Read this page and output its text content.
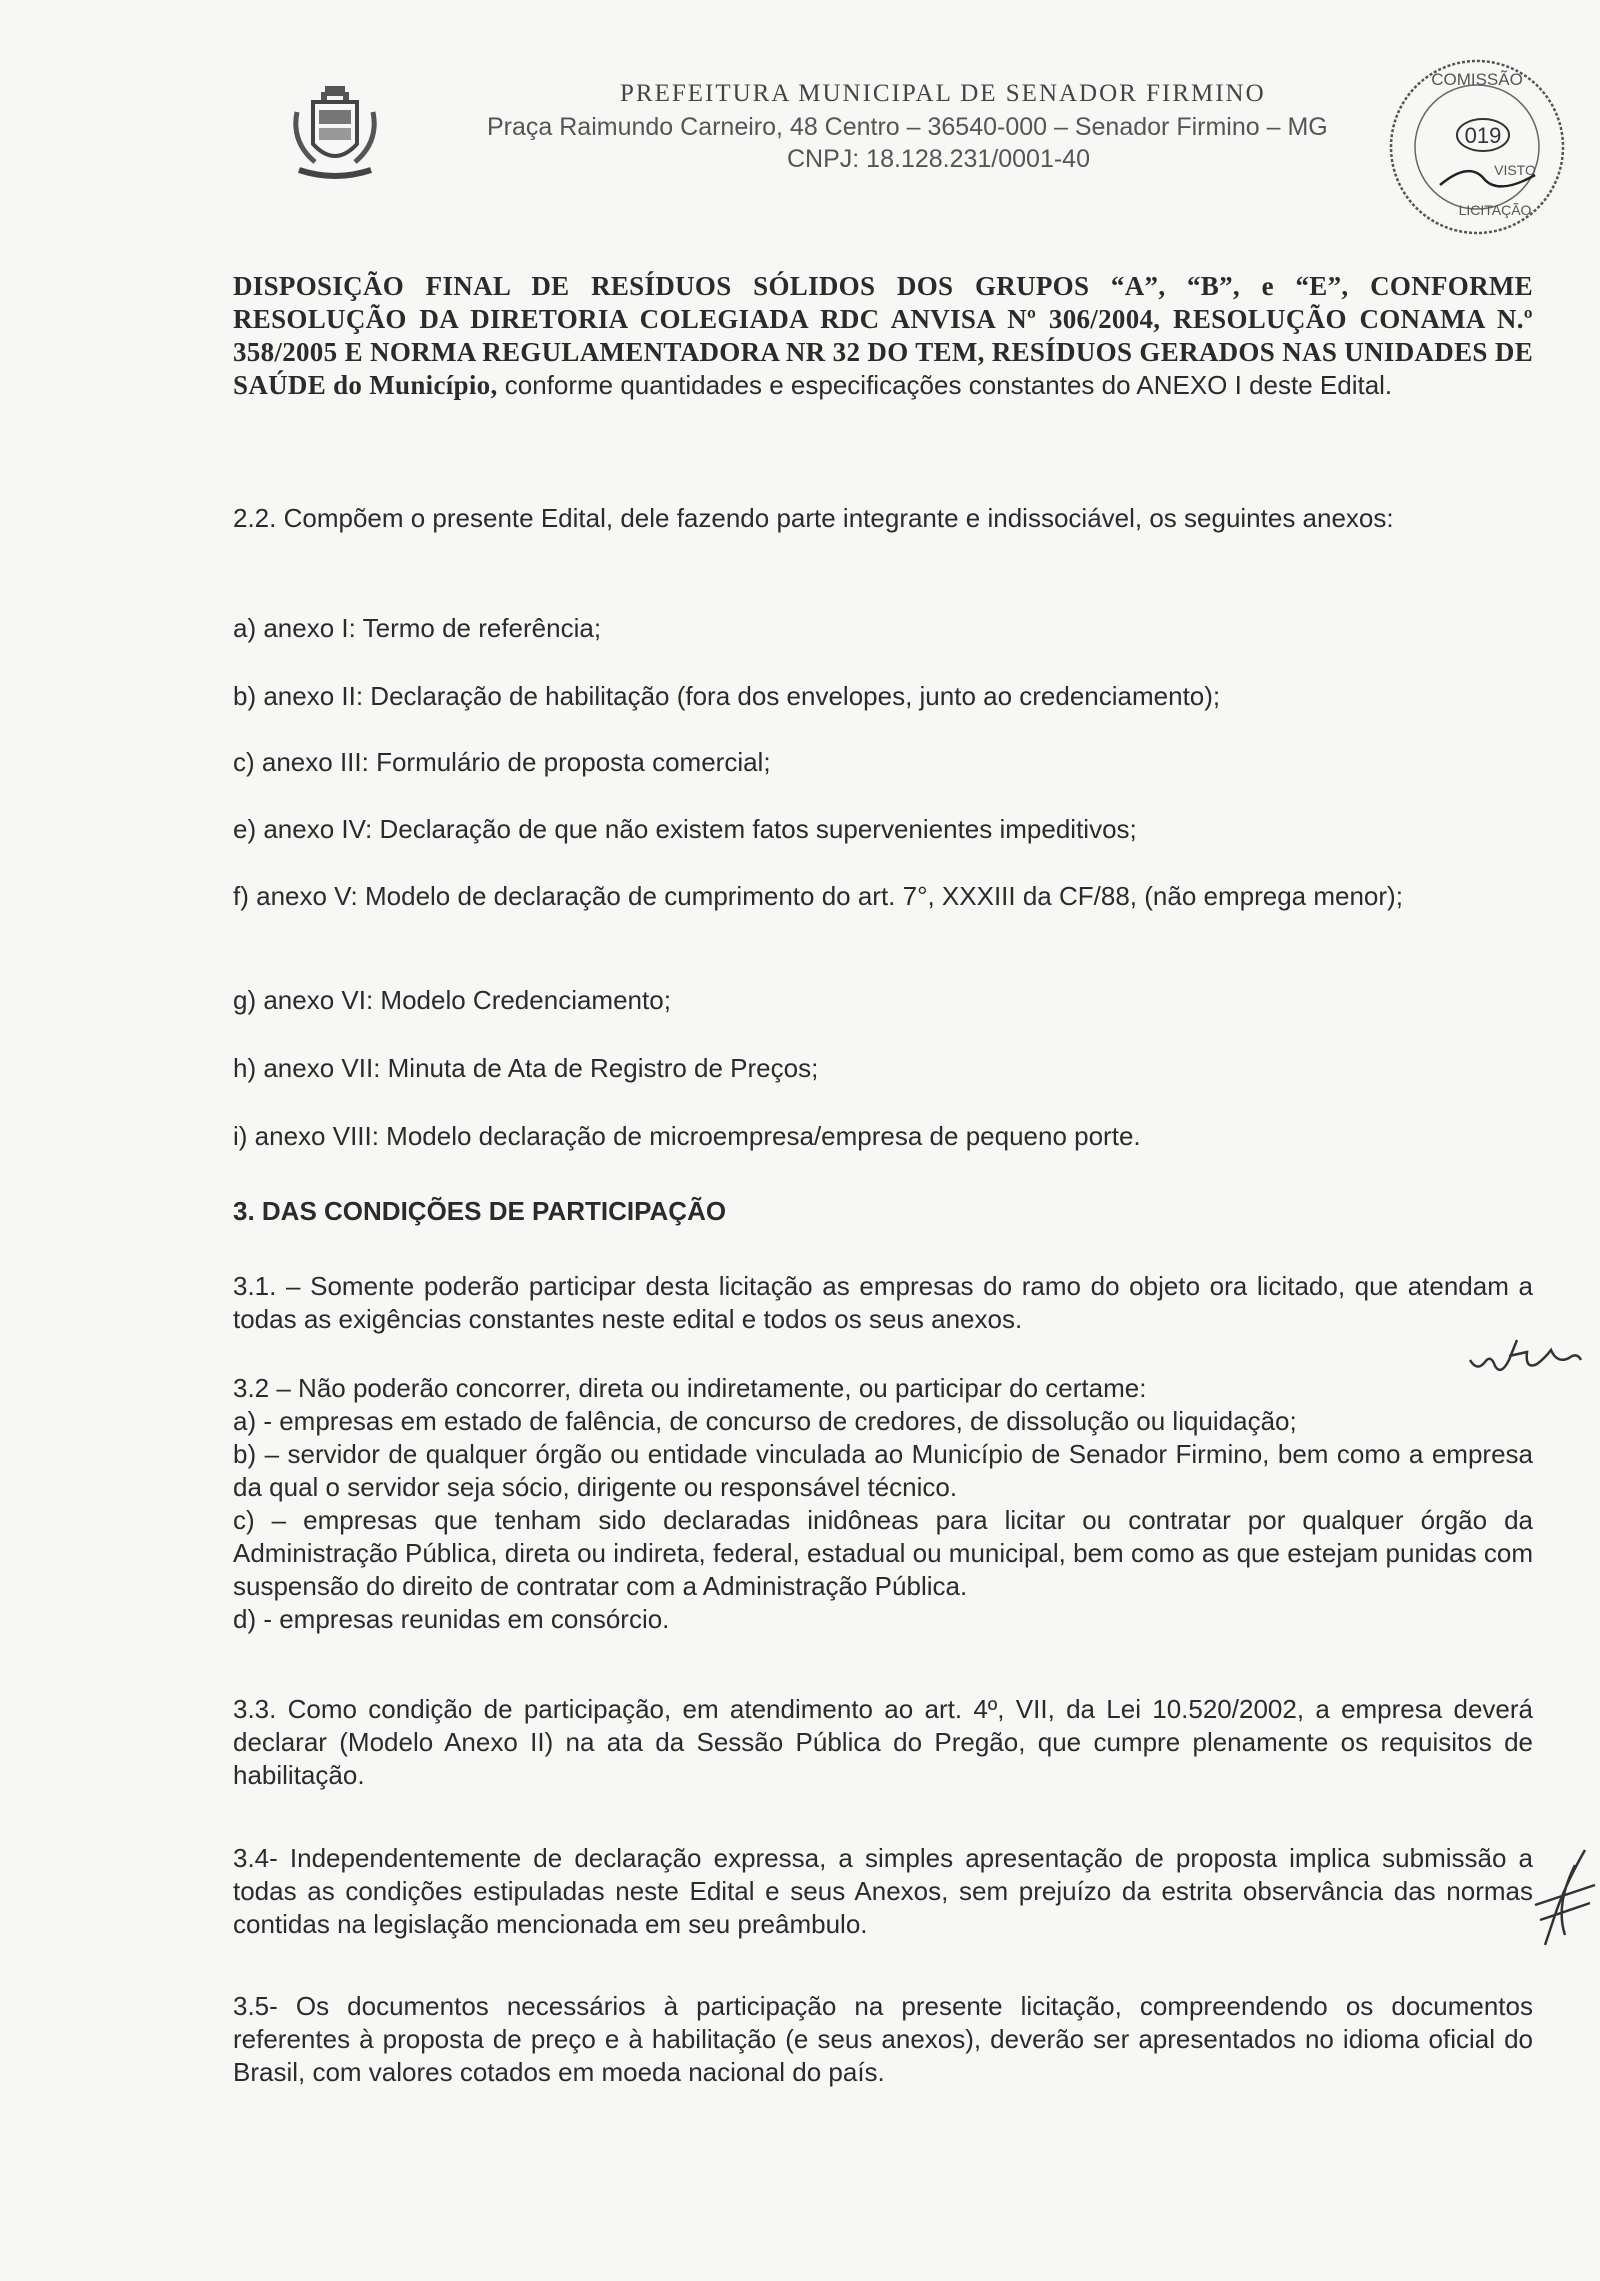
PREFEITURA MUNICIPAL DE SENADOR FIRMINO
Praça Raimundo Carneiro, 48 Centro – 36540-000 – Senador Firmino – MG
CNPJ: 18.128.231/0001-40
COMISSÃO
019
VISTO
LICITAÇÃO
DISPOSIÇÃO FINAL DE RESÍDUOS SÓLIDOS DOS GRUPOS “A”, “B”, e “E”, CONFORME RESOLUÇÃO DA DIRETORIA COLEGIADA RDC ANVISA Nº 306/2004, RESOLUÇÃO CONAMA N.º 358/2005 E NORMA REGULAMENTADORA NR 32 DO TEM, RESÍDUOS GERADOS NAS UNIDADES DE SAÚDE do Município, conforme quantidades e especificações constantes do ANEXO I deste Edital.
2.2. Compõem o presente Edital, dele fazendo parte integrante e indissociável, os seguintes anexos:
a) anexo I: Termo de referência;
b) anexo II: Declaração de habilitação (fora dos envelopes, junto ao credenciamento);
c) anexo III: Formulário de proposta comercial;
e) anexo IV: Declaração de que não existem fatos supervenientes impeditivos;
f) anexo V: Modelo de declaração de cumprimento do art. 7°, XXXIII da CF/88, (não emprega menor);
g) anexo VI: Modelo Credenciamento;
h) anexo VII: Minuta de Ata de Registro de Preços;
i) anexo VIII: Modelo declaração de microempresa/empresa de pequeno porte.
3. DAS CONDIÇÕES DE PARTICIPAÇÃO
3.1. – Somente poderão participar desta licitação as empresas do ramo do objeto ora licitado, que atendam a todas as exigências constantes neste edital e todos os seus anexos.

3.2 – Não poderão concorrer, direta ou indiretamente, ou participar do certame:

a) - empresas em estado de falência, de concurso de credores, de dissolução ou liquidação;

b) – servidor de qualquer órgão ou entidade vinculada ao Município de Senador Firmino, bem como a empresa da qual o servidor seja sócio, dirigente ou responsável técnico.

c) – empresas que tenham sido declaradas inidôneas para licitar ou contratar por qualquer órgão da Administração Pública, direta ou indireta, federal, estadual ou municipal, bem como as que estejam punidas com suspensão do direito de contratar com a Administração Pública.

d) - empresas reunidas em consórcio.

3.3. Como condição de participação, em atendimento ao art. 4º, VII, da Lei 10.520/2002, a empresa deverá declarar (Modelo Anexo II) na ata da Sessão Pública do Pregão, que cumpre plenamente os requisitos de habilitação.
3.4- Independentemente de declaração expressa, a simples apresentação de proposta implica submissão a todas as condições estipuladas neste Edital e seus Anexos, sem prejuízo da estrita observância das normas contidas na legislação mencionada em seu preâmbulo.
3.5- Os documentos necessários à participação na presente licitação, compreendendo os documentos referentes à proposta de preço e à habilitação (e seus anexos), deverão ser apresentados no idioma oficial do Brasil, com valores cotados em moeda nacional do país.
